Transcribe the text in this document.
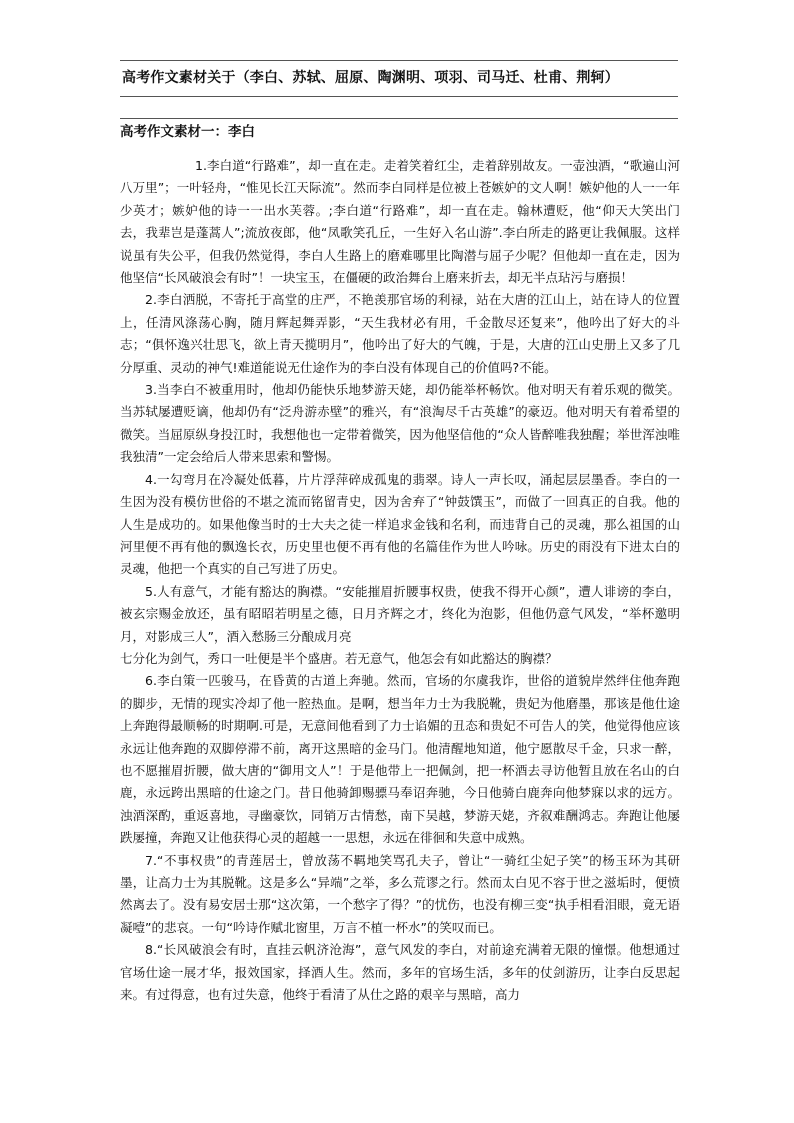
高考作文素材关于（李白、苏轼、屈原、陶渊明、项羽、司马迁、杜甫、荆轲）
高考作文素材一：李白

1.李白道“行路难”，却一直在走。走着笑着红尘，走着辞别故友。一壶浊酒，“歌遍山河八万里”；一叶轻舟，“惟见长江天际流”。然而李白同样是位被上苍嫉妒的文人啊！嫉妒他的人一一年少英才；嫉妒他的诗一一出水芙蓉。;李白道“行路难”，却一直在走。翰林遭贬，他“仰天大笑出门去，我辈岂是蓬蒿人”;流放夜郎，他“凤歌笑孔丘，一生好入名山游”.李白所走的路更让我佩服。这样说虽有失公平，但我仍然觉得，李白人生路上的磨难哪里比陶潜与屈子少呢？但他却一直在走，因为他坚信“长风破浪会有时”！一块宝玉，在僵硬的政治舞台上磨来折去，却无半点玷污与磨损！

2.李白洒脱，不寄托于高堂的庄严，不艳羡那官场的利禄，站在大唐的江山上，站在诗人的位置上，任清风涤荡心胸，随月辉起舞弄影，“天生我材必有用，千金散尽还复来”，他吟出了好大的斗志；“俱怀逸兴壮思飞，欲上青天揽明月”，他吟出了好大的气魄，于是，大唐的江山史册上又多了几分厚重、灵动的神气!难道能说无仕途作为的李白没有体现自己的价值吗?不能。

3.当李白不被重用时，他却仍能快乐地梦游天姥，却仍能举杯畅饮。他对明天有着乐观的微笑。当苏轼屡遭贬谪，他却仍有“泛舟游赤壁”的雅兴，有“浪淘尽千古英雄”的豪迈。他对明天有着希望的微笑。当屈原纵身投江时，我想他也一定带着微笑，因为他坚信他的“众人皆醉唯我独醒；举世浑浊唯我独清”一定会给后人带来思索和警惕。

4.一勾弯月在冷凝处低暮，片片浮萍碎成孤鬼的翡翠。诗人一声长叹，涌起层层墨香。李白的一生因为没有模仿世俗的不堪之流而铭留青史，因为舍弃了“钟鼓馔玉”，而做了一回真正的自我。他的人生是成功的。如果他像当时的士大夫之徒一样追求金钱和名利，而违背自己的灵魂，那么祖国的山河里便不再有他的飘逸长衣，历史里也便不再有他的名篇佳作为世人吟咏。历史的雨没有下进太白的灵魂，他把一个真实的自己写进了历史。

5.人有意气，才能有豁达的胸襟。“安能摧眉折腰事权贵，使我不得开心颜”，遭人诽谤的李白，被玄宗赐金放还，虽有昭昭若明星之德，日月齐辉之才，终化为泡影，但他仍意气风发，“举杯邀明月，对影成三人”，酒入愁肠三分酿成月亮

七分化为剑气，秀口一吐便是半个盛唐。若无意气，他怎会有如此豁达的胸襟？

6.李白策一匹骏马，在昏黄的古道上奔驰。然而，官场的尔虞我诈，世俗的道貌岸然绊住他奔跑的脚步，无情的现实冷却了他一腔热血。是啊，想当年力士为我脱靴，贵妃为他磨墨，那该是他仕途上奔跑得最顺畅的时期啊.可是，无意间他看到了力士谄媚的丑态和贵妃不可告人的笑，他觉得他应该永远让他奔跑的双脚停滞不前，离开这黑暗的金马门。他清醒地知道，他宁愿散尽千金，只求一醉，也不愿摧眉折腰，做大唐的“御用文人”！于是他带上一把佩剑，把一杯酒去寻访他暂且放在名山的白鹿，永远跨出黑暗的仕途之门。昔日他骑卸赐骠马奉诏奔驰，今日他骑白鹿奔向他梦寐以求的远方。浊酒深酌，重返喜地，寻幽豪饮，同销万古情愁，南下吴越，梦游天姥，齐叙难酬鸿志。奔跑让他屡跌屡撞，奔跑又让他获得心灵的超越一一思想，永远在徘徊和失意中成熟。

7.“不事权贵”的青莲居士，曾放荡不羁地笑骂孔夫子，曾让“一骑红尘妃子笑”的杨玉环为其研墨，让高力士为其脱靴。这是多么“异端”之举，多么荒谬之行。然而太白见不容于世之滋垢时，便愤然离去了。没有易安居士那“这次第，一个愁字了得？”的忧伤，也没有柳三变“执手相看泪眼，竟无语凝噎”的悲哀。一句“吟诗作赋北窗里，万言不植一杯水”的笑叹而已。

8.“长风破浪会有时，直挂云帆济沧海”，意气风发的李白，对前途充满着无限的憧憬。他想通过官场仕途一展才华，报效国家，择酒人生。然而，多年的官场生活，多年的仗剑游历，让李白反思起来。有过得意，也有过失意，他终于看清了从仕之路的艰辛与黑暗，高力
